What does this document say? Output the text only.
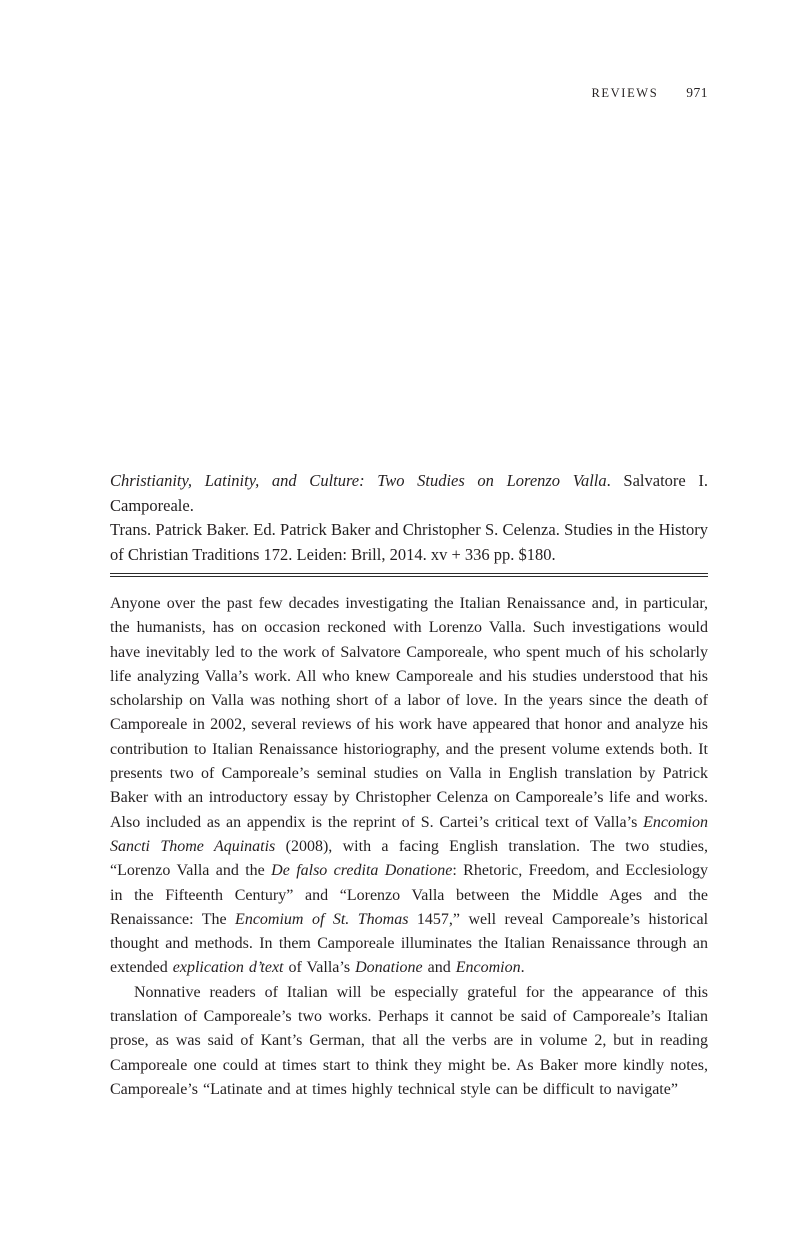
REVIEWS 971

Christianity, Latinity, and Culture: Two Studies on Lorenzo Valla. Salvatore I. Camporeale.

Trans. Patrick Baker. Ed. Patrick Baker and Christopher S. Celenza. Studies in the History of Christian Traditions 172. Leiden: Brill, 2014. xv + 336 pp. $180.

Anyone over the past few decades investigating the Italian Renaissance and, in particular, the humanists, has on occasion reckoned with Lorenzo Valla. Such investigations would have inevitably led to the work of Salvatore Camporeale, who spent much of his scholarly life analyzing Valla’s work. All who knew Camporeale and his studies understood that his scholarship on Valla was nothing short of a labor of love. In the years since the death of Camporeale in 2002, several reviews of his work have appeared that honor and analyze his contribution to Italian Renaissance historiography, and the present volume extends both. It presents two of Camporeale’s seminal studies on Valla in English translation by Patrick Baker with an introductory essay by Christopher Celenza on Camporeale’s life and works. Also included as an appendix is the reprint of S. Cartei’s critical text of Valla’s Encomion Sancti Thome Aquinatis (2008), with a facing English translation. The two studies, “Lorenzo Valla and the De falso credita Donatione: Rhetoric, Freedom, and Ecclesiology in the Fifteenth Century” and “Lorenzo Valla between the Middle Ages and the Renaissance: The Encomium of St. Thomas 1457,” well reveal Camporeale’s historical thought and methods. In them Camporeale illuminates the Italian Renaissance through an extended explication d’text of Valla’s Donatione and Encomion.

Nonnative readers of Italian will be especially grateful for the appearance of this translation of Camporeale’s two works. Perhaps it cannot be said of Camporeale’s Italian prose, as was said of Kant’s German, that all the verbs are in volume 2, but in reading Camporeale one could at times start to think they might be. As Baker more kindly notes, Camporeale’s “Latinate and at times highly technical style can be difficult to navigate”
